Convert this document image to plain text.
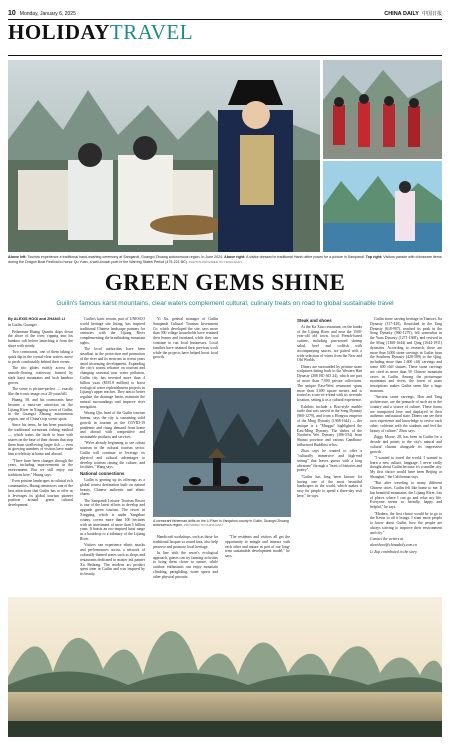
10 Monday, January 6, 2025	CHINA DAILY 中国日报
HOLIDAYTRAVEL
Above left: Tourists experience a traditional hand-washing ceremony at Sanqiandi, Guangxi Zhuang autonomous region, in June 2024. Above right: A visitor dressed in traditional Hanfu attire poses for a picture in Sanqiandi. Top right: Visitors parade with chinaware items during the Dragon Boat Festival to honor Qu Yuan, a well-known poet in the Warring States Period (475-221 BC). PHOTOS PROVIDED TO CHINA DAILY
GREEN GEMS SHINE
Guilin's famous karst mountains, clear waters complement cultural, culinary treats on road to global sustainable travel

By ALEXIS HOOI and ZHANG LI

in Guilin, Guangxi

Fisherman Huang Quanfu skips down the shore of the river, ripping into his bamboo raft before launching it from the shore with steady.

Two cormorants, one of them taking a quick dip in the crystal-clear waters, move to perch comfortably behind their owner.

The trio glides swiftly across the smooth-flowing waterway, framed by stark karst mountains and lush bamboo groves.

The scene is picture-perfect — exactly like the iconic image on a 20-yuan bill.

Huang, 58, and his cormorants have become a must-see attraction on the Lijiang River in Xingping town of Guilin, in the Guangxi Zhuang autonomous region, one of China's top scenic spots.

Since his teens, he has been practicing the traditional cormorant fishing method — which trains the birds to hunt with snares on the base of their throats that stop them from swallowing larger fish — even as growing numbers of visitors have made him a celebrity at home and abroad.

"There have been changes through the years, including improvements in the environment. But we still enjoy our traditions here," Huang says.

Even pristine landscapes in cultural rich communities, Huang reminisces one of the best attractions that Guilin has to offer as it leverages its global tourism pioneer position around green cultural development.

Guilin's karst terrain, part of UNESCO world heritage site listing, has inspired traditional Chinese landscape painters for centuries with the Lijiang River complementing the breathtaking mountain sights.

The local authorities have been steadfast in the protection and promotion of the river and its environs in recent years amid increasing development. Expanding the city's tourist reliance on tourism and changing seasonal tour water pollution, Guilin city has invested more than 4 billion yuan ($555.8 million) to boost ecological water replenishment projects in Lijiang's upper reaches. They aim to better regulate the drainage basin, maintain the natural surroundings and improve river navigation.

Wuang Qin, head of the Guilin tourism bureau, says the city is sustaining solid growth in tourism as the COVID-19 pandemic and rising demand from home and abroad with competitive and sustainable products and services.

"We're already beginning to see robust tourism in the cultural tourism sector. Guilin will continue to leverage its physical and cultural advantages to develop tourism timing the culture, and facilities," Wang says.

National connections

Guilin is gearing up its offerings as a global tourist destination built on natural beauty, Chinese authentic and ethnic charm.

The Sanqiandi Leisure Tourism Resort is one of the latest efforts to develop and upgrade green tourism. The resort in Xingping, which is under Yangshuo county, covers more than 100 hectares with an investment of more than 5 billion yuan. It boasts an eco-inspired karst range as a backdrop to a tributary of the Lijiang River.

Visitors can experience ethnic snacks and performances across a network of culturally themed zones such as shops and restaurants dedicated to master ink painter Xu Beihong. The modern art product spent time in Guilin and was inspired by its beauty.

Yi Xu, general manager of Guilin Sanqiandi Cultural Tourism Investment Co, which developed the site, says more than 500 village households have retained their homes and farmland, while they can continue to run local businesses. Local families have retained their previous work while the projects have helped boost local growth.

A cormorant fisherman drifts on the Li River in Yangshuo county in Guilin, Guangxi Zhuang autonomous region. PROVIDED TO CHINA DAILY

Handicraft workshops, such as those for traditional lacquer or round fans, also help preserve and promote local heritage.

In line with the resort's ecological approach, guests can try farming activities to bring them closer to nature, while outdoor enthusiasts can enjoy mountain climbing, paragliding, water sports and other physical pursuits.

"The residents and visitors all get the opportunity to mingle and interact with each other and nature as part of our long-term sustainable development model," he says.

Steak and shoes

At the Ka Xiao restaurant, on the banks of the Lijiang River and near the 1500-year-old old town, local French-based cuisine, including pan-seared shrimp salad, beef and codfish with accompanying sauces, are paired with a wide selection of wines from the New and Old Worlds.

Diners are surrounded by pristine stone sculptures dating back to the Western Han Dynasty (206 BC-AD 24), which are part of more than 7,000 private collections. The unique East-West restaurant spans more than 3,000 square meters and is touted as a one-of-a-kind with its riverside location, setting it as a cultural experience.

Exhibits include a Bixi-style marble turtle that was carved in the Song Dynasty (960-1279), and from a Hongwu emperor of the Ming Dynasty (1368-1644) — the antique is a "Mingpu" highlighted the East-Ming Dynasty. The dishes of the Northern Wei Dynasty (386-534) from Shanxi province and various Gandhara-influenced Buddhist relics.

Zhou says he wanted to offer a "culturally immersive and high-end setting" that leaves guests with a long aftertaste" through a "feast of histories and poetry".

"Guilin has long been known for having one of the most beautiful landscapes in the world, which makes it easy for people to spend a three-day visit here," he says.

Guilin stone carving heritage in Tianwei, Jia Dynasty (317-420), flourished in the Tang Dynasty (618-907), reached its peak in the Song Dynasty (960-1279), fell somewhat in the Yuan Dynasty (1271-1368), and revived in the Ming (1368-1644) and Qing (1644-1911) dynasties. According to research, there are more than 3,000 stone carvings in Guilin from the Southern Dynasty (420-589) to the Qing, including more than 1,600 cliff carvings and some 600 cliff statues. These stone carvings are cited as more than 50 Chinese mountain caves in Guilin. Among the picturesque mountains and rivers, the forest of stone inscriptions makes Guilin seem like a huge museum.

"Ancient stone carvings, Han and Tang architecture, are the pinnacle of such art in the country and a source of culture. These forms are transported here and displayed in their authentic and natural state. Diners can see their own experience and knowledge to revive each other, cultivate with the students and feel the beauty of culture," Zhou says.

Ziggy Moore, 28, has been in Guilin for a decade and points to the city's natural and cultural charms alongside its impressive growth.

"I wanted to travel the world, I wanted to learn a new culture, language. I never really thought about Guilin because it's a smaller city. My first choice would have been Beijing or Shanghai," the Californian says.

"But after traveling to many different Chinese cities, Guilin felt like home to me. It has beautiful mountains, the Lijiang River, lots of places where I can go and relax my life. Everyone seems so friendly, happy and helpful," he says.

"Modern, the first choice would be to go to the Kevin to all it brings. I want more people to know about Guilin, how the people are always striving to improve their environment and city."

Contact the writers at

alexishooi@chinadaily.com.cn

Li Ziqi contributed to the story.
